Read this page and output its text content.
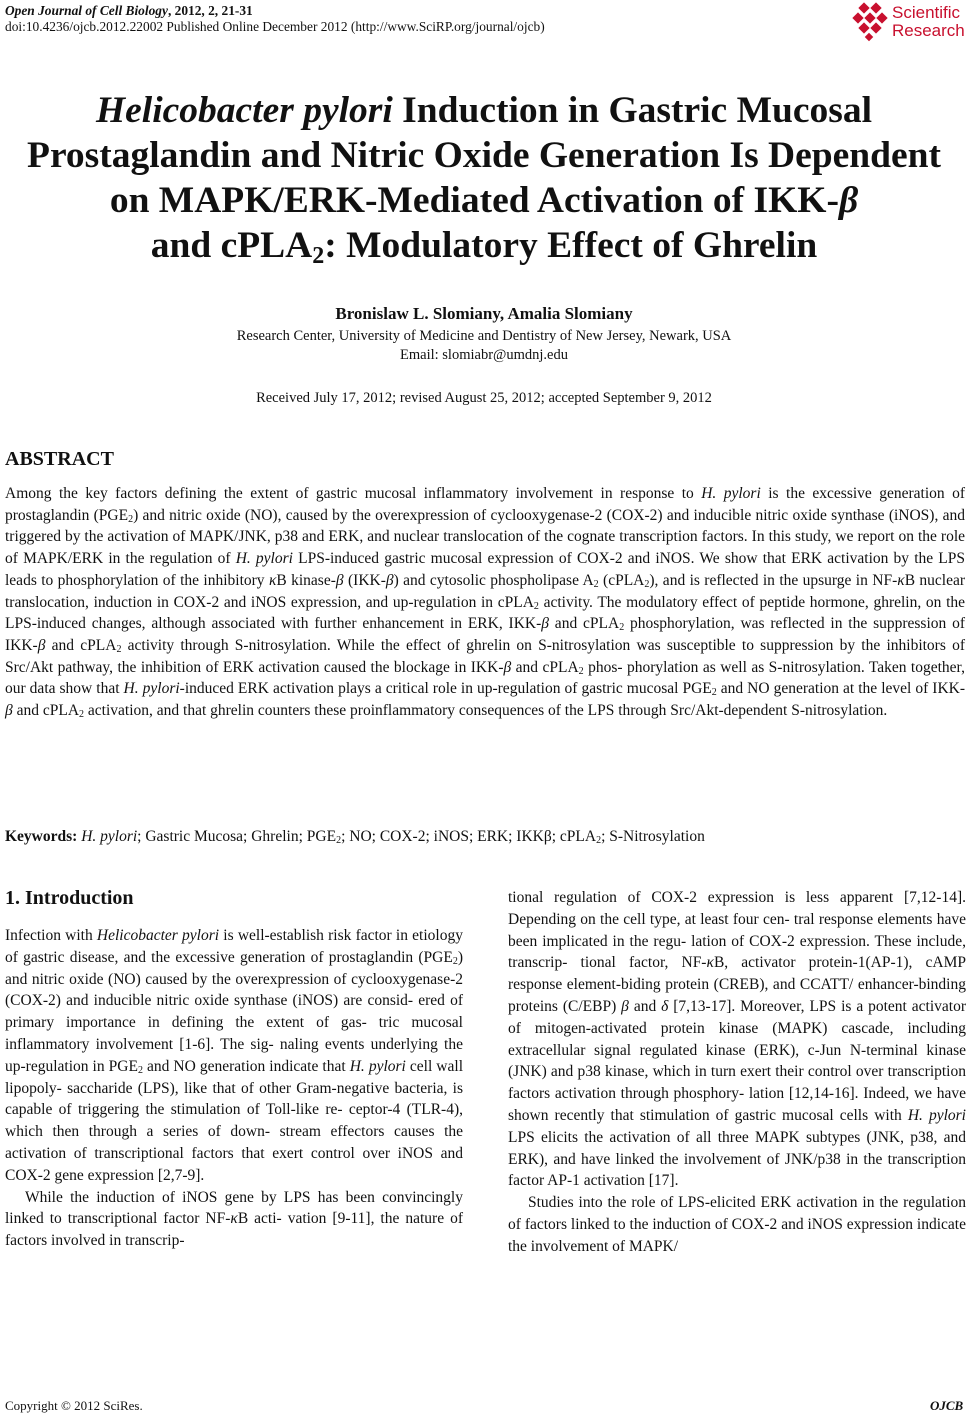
Open Journal of Cell Biology, 2012, 2, 21-31
doi:10.4236/ojcb.2012.22002 Published Online December 2012 (http://www.SciRP.org/journal/ojcb)
Scientific
Research
Helicobacter pylori Induction in Gastric Mucosal
Prostaglandin and Nitric Oxide Generation Is Dependent
on MAPK/ERK-Mediated Activation of IKK-β
and cPLA$_2$: Modulatory Effect of Ghrelin
Bronislaw L. Slomiany, Amalia Slomiany
Research Center, University of Medicine and Dentistry of New Jersey, Newark, USA
Email: slomiabr@umdnj.edu
Received July 17, 2012; revised August 25, 2012; accepted September 9, 2012
ABSTRACT

Among the key factors defining the extent of gastric mucosal inflammatory involvement in response to H. pylori is the excessive generation of prostaglandin $(PGE_2)$ and nitric oxide (NO), caused by the overexpression of cyclooxygenase-2 (COX-2) and inducible nitric oxide synthase (iNOS), and triggered by the activation of MAPK/JNK, p38 and ERK, and nuclear translocation of the cognate transcription factors. In this study, we report on the role of MAPK/ERK in the regulation of H. pylori LPS-induced gastric mucosal expression of COX-2 and iNOS. We show that ERK activation by the LPS leads to phosphorylation of the inhibitory κB kinase-β (IKK-β) and cytosolic phospholipase $A_2$ (cPLA$_2$), and is reflected in the upsurge in NF-κB nuclear translocation, induction in COX-2 and iNOS expression, and up-regulation in cPLA$_2$ activity. The modulatory effect of peptide hormone, ghrelin, on the LPS-induced changes, although associated with further enhancement in ERK, IKK-β and cPLA$_2$ phosphorylation, was reflected in the suppression of IKK-β and cPLA$_2$ activity through S-nitrosylation. While the effect of ghrelin on S-nitrosylation was susceptible to suppression by the inhibitors of Src/Akt pathway, the inhibition of ERK activation caused the blockage in IKK-β and cPLA$_2$ phos- phorylation as well as S-nitrosylation. Taken together, our data show that H. pylori-induced ERK activation plays a critical role in up-regulation of gastric mucosal $PGE_2$ and NO generation at the level of IKK-β and cPLA$_2$ activation, and that ghrelin counters these proinflammatory consequences of the LPS through Src/Akt-dependent S-nitrosylation.

Keywords: H. pylori; Gastric Mucosa; Ghrelin; $PGE_2$; NO; COX-2; iNOS; ERK; IKKβ; cPLA$_2$; S-Nitrosylation
1. Introduction

Infection with Helicobacter pylori is well-establish risk factor in etiology of gastric disease, and the excessive generation of prostaglandin $(PGE_2)$ and nitric oxide (NO) caused by the overexpression of cyclooxygenase-2 (COX-2) and inducible nitric oxide synthase (iNOS) are consid- ered of primary importance in defining the extent of gas- tric mucosal inflammatory involvement [1-6]. The sig- naling events underlying the up-regulation in $PGE_2$ and NO generation indicate that H. pylori cell wall lipopoly- saccharide (LPS), like that of other Gram-negative bacteria, is capable of triggering the stimulation of Toll-like re- ceptor-4 (TLR-4), which then through a series of down- stream effectors causes the activation of transcriptional factors that exert control over iNOS and COX-2 gene expression [2,7-9].

While the induction of iNOS gene by LPS has been convincingly linked to transcriptional factor NF-κB acti- vation [9-11], the nature of factors involved in transcrip-

tional regulation of COX-2 expression is less apparent [7,12-14]. Depending on the cell type, at least four cen- tral response elements have been implicated in the regu- lation of COX-2 expression. These include, transcrip- tional factor, NF-κB, activator protein-1(AP-1), cAMP response element-biding protein (CREB), and CCATT/ enhancer-binding proteins (C/EBP) β and δ [7,13-17]. Moreover, LPS is a potent activator of mitogen-activated protein kinase (MAPK) cascade, including extracellular signal regulated kinase (ERK), c-Jun N-terminal kinase (JNK) and p38 kinase, which in turn exert their control over transcription factors activation through phosphory- lation [12,14-16]. Indeed, we have shown recently that stimulation of gastric mucosal cells with H. pylori LPS elicits the activation of all three MAPK subtypes (JNK, p38, and ERK), and have linked the involvement of JNK/p38 in the transcription factor AP-1 activation [17].

Studies into the role of LPS-elicited ERK activation in the regulation of factors linked to the induction of COX-2 and iNOS expression indicate the involvement of MAPK/

Copyright © 2012 SciRes.	OJCB
